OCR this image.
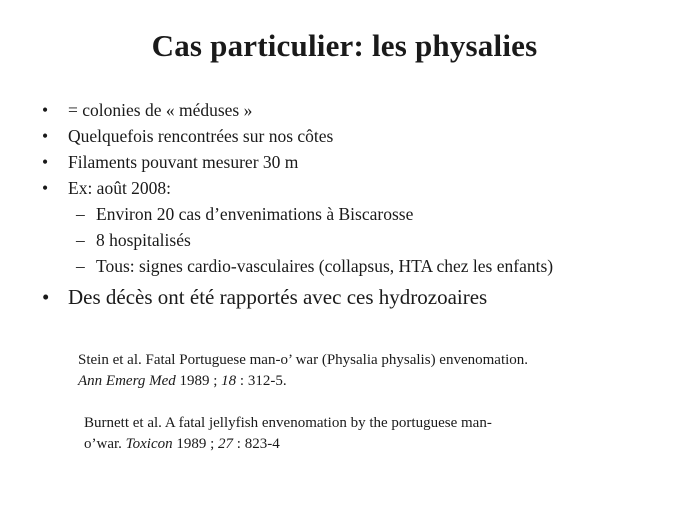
Cas particulier: les physalies
• = colonies de « méduses »
• Quelquefois rencontrées sur nos côtes
• Filaments pouvant mesurer 30 m
• Ex: août 2008:
– Environ 20 cas d’envenimations à Biscarosse
– 8 hospitalisés
– Tous: signes cardio-vasculaires (collapsus, HTA chez les enfants)
• Des décès ont été rapportés avec ces hydrozoaires
Stein et al. Fatal Portuguese man-o’ war (Physalia physalis) envenomation.
Ann Emerg Med 1989 ; 18 : 312-5.
Burnett et al. A fatal jellyfish envenomation by the portuguese man-
o’war. Toxicon 1989 ; 27 : 823-4
